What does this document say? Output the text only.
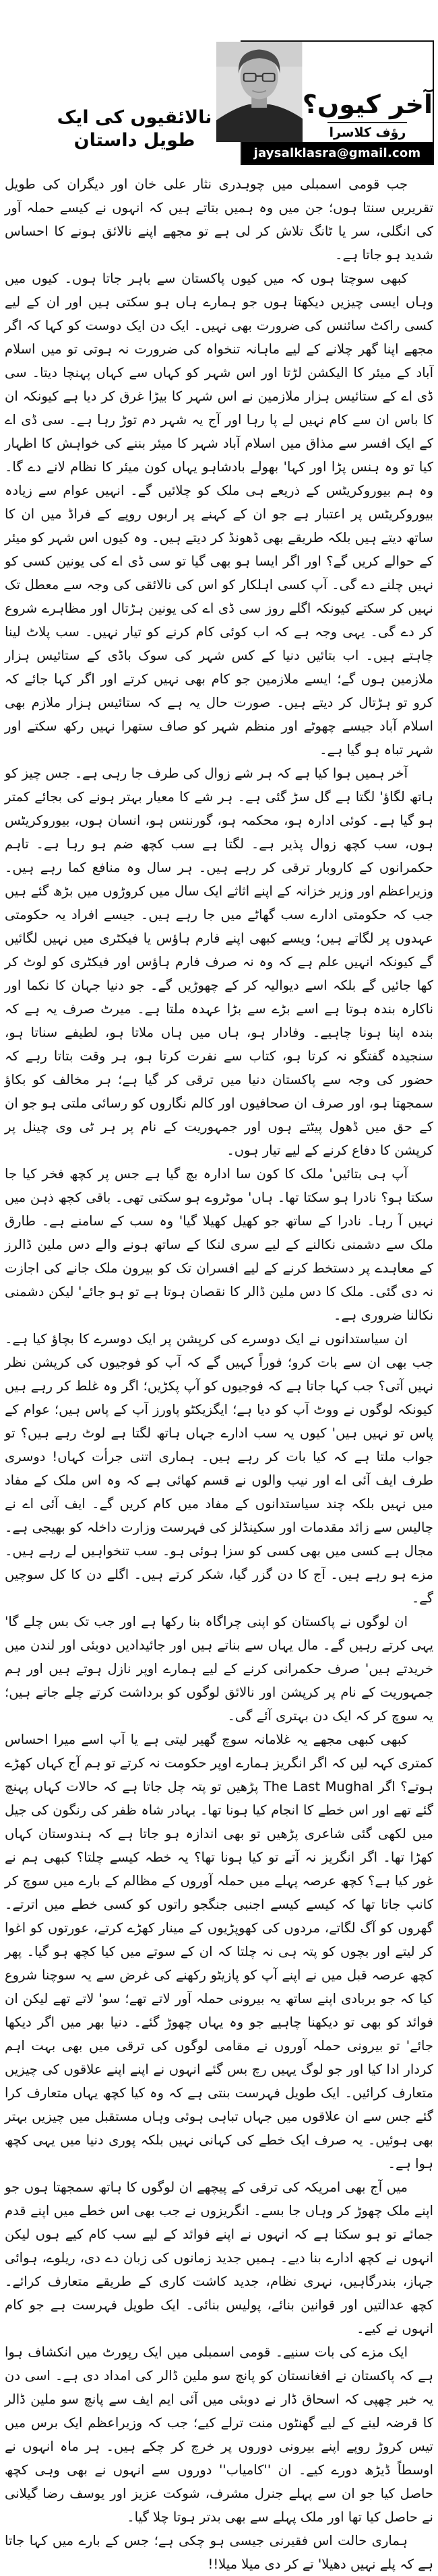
آخر کیوں؟
رؤف کلاسرا
jaysalklasra@gmail.com
نالائقیوں کی ایک طویل داستان

جب قومی اسمبلی میں چوہدری نثار علی خان اور دیگران کی طویل تقریریں سنتا ہوں؛ جن میں وہ ہمیں بتاتے ہیں کہ انہوں نے کیسے حملہ آور کی انگلی، سر یا ٹانگ تلاش کر لی ہے تو مجھے اپنے نالائق ہونے کا احساس شدید ہو جاتا ہے۔

کبھی سوچتا ہوں کہ میں کیوں پاکستان سے باہر جاتا ہوں۔ کیوں میں وہاں ایسی چیزیں دیکھتا ہوں جو ہمارے ہاں ہو سکتی ہیں اور ان کے لیے کسی راکٹ سائنس کی ضرورت بھی نہیں۔ ایک دن ایک دوست کو کہا کہ اگر مجھے اپنا گھر چلانے کے لیے ماہانہ تنخواہ کی ضرورت نہ ہوتی تو میں اسلام آباد کے میئر کا الیکشن لڑتا اور اس شہر کو کہاں سے کہاں پہنچا دیتا۔ سی ڈی اے کے ستائیس ہزار ملازمین نے اس شہر کا بیڑا غرق کر دیا ہے کیونکہ ان کا باس ان سے کام نہیں لے پا رہا اور آج یہ شہر دم توڑ رہا ہے۔ سی ڈی اے کے ایک افسر سے مذاق میں اسلام آباد شہر کا میئر بننے کی خواہش کا اظہار کیا تو وہ ہنس پڑا اور کہا' بھولے بادشاہو یہاں کون میئر کا نظام لانے دے گا۔ وہ ہم بیوروکریٹس کے ذریعے ہی ملک کو چلائیں گے۔ انہیں عوام سے زیادہ بیوروکریٹس پر اعتبار ہے جو ان کے کہنے پر اربوں روپے کے فراڈ میں ان کا ساتھ دیتے ہیں بلکہ طریقے بھی ڈھونڈ کر دیتے ہیں۔ وہ کیوں اس شہر کو میئر کے حوالے کریں گے؟ اور اگر ایسا ہو بھی گیا تو سی ڈی اے کی یونین کسی کو نہیں چلنے دے گی۔ آپ کسی اہلکار کو اس کی نالائقی کی وجہ سے معطل تک نہیں کر سکتے کیونکہ اگلے روز سی ڈی اے کی یونین ہڑتال اور مظاہرے شروع کر دے گی۔ یہی وجہ ہے کہ اب کوئی کام کرنے کو تیار نہیں۔ سب پلاٹ لینا چاہتے ہیں۔ اب بتائیں دنیا کے کس شہر کی سوک باڈی کے ستائیس ہزار ملازمین ہوں گے؛ ایسے ملازمین جو کام بھی نہیں کرتے اور اگر کہا جائے کہ کرو تو ہڑتال کر دیتے ہیں۔ صورت حال یہ ہے کہ ستائیس ہزار ملازم بھی اسلام آباد جیسے چھوٹے اور منظم شہر کو صاف ستھرا نہیں رکھ سکتے اور شہر تباہ ہو گیا ہے۔

آخر ہمیں ہوا کیا ہے کہ ہر شے زوال کی طرف جا رہی ہے۔ جس چیز کو ہاتھ لگاؤ' لگتا ہے گل سڑ گئی ہے۔ ہر شے کا معیار بہتر ہونے کی بجائے کمتر ہو گیا ہے۔ کوئی ادارہ ہو، محکمہ ہو، گورننس ہو، انسان ہوں، بیوروکریٹس ہوں، سب کچھ زوال پذیر ہے۔ لگتا ہے سب کچھ ضم ہو رہا ہے۔ تاہم حکمرانوں کے کاروبار ترقی کر رہے ہیں۔ ہر سال وہ منافع کما رہے ہیں۔ وزیراعظم اور وزیر خزانہ کے اپنے اثاثے ایک سال میں کروڑوں میں بڑھ گئے ہیں جب کہ حکومتی ادارے سب گھاٹے میں جا رہے ہیں۔ جیسے افراد یہ حکومتی عہدوں پر لگاتے ہیں؛ ویسے کبھی اپنے فارم ہاؤس یا فیکٹری میں نہیں لگائیں گے کیونکہ انہیں علم ہے کہ وہ نہ صرف فارم ہاؤس اور فیکٹری کو لوٹ کر کھا جائیں گے بلکہ اسے دیوالیہ کر کے چھوڑیں گے۔ جو دنیا جہان کا نکما اور ناکارہ بندہ ہوتا ہے اسے بڑے سے بڑا عہدہ ملتا ہے۔ میرٹ صرف یہ ہے کہ بندہ اپنا ہونا چاہیے۔ وفادار ہو، ہاں میں ہاں ملاتا ہو، لطیفے سناتا ہو، سنجیدہ گفتگو نہ کرتا ہو، کتاب سے نفرت کرتا ہو، ہر وقت بتاتا رہے کہ حضور کی وجہ سے پاکستان دنیا میں ترقی کر گیا ہے؛ ہر مخالف کو بکاؤ سمجھتا ہو، اور صرف ان صحافیوں اور کالم نگاروں کو رسائی ملتی ہو جو ان کے حق میں ڈھول پیٹتے ہوں اور جمہوریت کے نام پر ہر ٹی وی چینل پر کرپشن کا دفاع کرنے کے لیے تیار ہوں۔

آپ ہی بتائیں' ملک کا کون سا ادارہ بچ گیا ہے جس پر کچھ فخر کیا جا سکتا ہو؟ نادرا ہو سکتا تھا۔ ہاں' موٹروے ہو سکتی تھی۔ باقی کچھ ذہن میں نہیں آ رہا۔ نادرا کے ساتھ جو کھیل کھیلا گیا' وہ سب کے سامنے ہے۔ طارق ملک سے دشمنی نکالنے کے لیے سری لنکا کے ساتھ ہونے والے دس ملین ڈالرز کے معاہدے پر دستخط کرنے کے لیے افسران تک کو بیرون ملک جانے کی اجازت نہ دی گئی۔ ملک کا دس ملین ڈالر کا نقصان ہوتا ہے تو ہو جائے' لیکن دشمنی نکالنا ضروری ہے۔

ان سیاستدانوں نے ایک دوسرے کی کرپشن پر ایک دوسرے کا بچاؤ کیا ہے۔ جب بھی ان سے بات کرو؛ فوراً کہیں گے کہ آپ کو فوجیوں کی کرپشن نظر نہیں آتی؟ جب کہا جاتا ہے کہ فوجیوں کو آپ پکڑیں؛ اگر وہ غلط کر رہے ہیں کیونکہ لوگوں نے ووٹ آپ کو دیا ہے؛ ایگزیکٹو پاورز آپ کے پاس ہیں؛ عوام کے پاس تو نہیں ہیں' کیوں یہ سب ادارے جہاں ہاتھ لگتا ہے لوٹ رہے ہیں؟ تو جواب ملتا ہے کہ کیا بات کر رہے ہیں۔ ہماری اتنی جرأت کہاں! دوسری طرف ایف آئی اے اور نیب والوں نے قسم کھائی ہے کہ وہ اس ملک کے مفاد میں نہیں بلکہ چند سیاستدانوں کے مفاد میں کام کریں گے۔ ایف آئی اے نے چالیس سے زائد مقدمات اور سکینڈلز کی فہرست وزارت داخلہ کو بھیجی ہے۔ مجال ہے کسی میں بھی کسی کو سزا ہوئی ہو۔ سب تنخواہیں لے رہے ہیں۔ مزے ہو رہے ہیں۔ آج کا دن گزر گیا، شکر کرتے ہیں۔ اگلے دن کا کل سوچیں گے۔

ان لوگوں نے پاکستان کو اپنی چراگاہ بنا رکھا ہے اور جب تک بس چلے گا' یہی کرتے رہیں گے۔ مال یہاں سے بناتے ہیں اور جائیدادیں دوبئی اور لندن میں خریدتے ہیں' صرف حکمرانی کرنے کے لیے ہمارے اوپر نازل ہوتے ہیں اور ہم جمہوریت کے نام پر کرپشن اور نالائق لوگوں کو برداشت کرتے چلے جاتے ہیں؛ یہ سوچ کر کہ ایک دن بہتری آئے گی۔

کبھی کبھی مجھے یہ غلامانہ سوچ گھیر لیتی ہے یا آپ اسے میرا احساس کمتری کہہ لیں کہ اگر انگریز ہمارے اوپر حکومت نہ کرتے تو ہم آج کہاں کھڑے ہوتے؟ اگر The Last Mughal پڑھیں تو پتہ چل جاتا ہے کہ حالات کہاں پہنچ گئے تھے اور اس خطے کا انجام کیا ہونا تھا۔ بہادر شاہ ظفر کی رنگون کی جیل میں لکھی گئی شاعری پڑھیں تو بھی اندازہ ہو جاتا ہے کہ ہندوستان کہاں کھڑا تھا۔ اگر انگریز نہ آتے تو کیا ہونا تھا؟ یہ خطہ کیسے چلتا؟ کبھی ہم نے غور کیا ہے؟ کچھ عرصہ پہلے میں حملہ آوروں کے مظالم کے بارے میں سوچ کر کانپ جاتا تھا کہ کیسے کیسے اجنبی جنگجو راتوں کو کسی خطے میں اترتے۔ گھروں کو آگ لگاتے، مردوں کی کھوپڑیوں کے مینار کھڑے کرتے، عورتوں کو اغوا کر لیتے اور بچوں کو پتہ ہی نہ چلتا کہ ان کے سوتے میں کیا کچھ ہو گیا۔ پھر کچھ عرصہ قبل میں نے اپنے آپ کو پازیٹو رکھنے کی غرض سے یہ سوچنا شروع کیا کہ جو بربادی اپنے ساتھ یہ بیرونی حملہ آور لاتے تھے؛ سو' لاتے تھے لیکن ان فوائد کو بھی تو دیکھنا چاہیے جو وہ یہاں چھوڑ گئے۔ دنیا بھر میں اگر دیکھا جائے' تو بیرونی حملہ آوروں نے مقامی لوگوں کی ترقی میں بھی بہت اہم کردار ادا کیا اور جو لوگ یہیں رچ بس گئے انہوں نے اپنے اپنے علاقوں کی چیزیں متعارف کرائیں۔ ایک طویل فہرست بنتی ہے کہ وہ کیا کچھ یہاں متعارف کرا گئے جس سے ان علاقوں میں جہاں تباہی ہوئی وہاں مستقبل میں چیزیں بہتر بھی ہوئیں۔ یہ صرف ایک خطے کی کہانی نہیں بلکہ پوری دنیا میں یہی کچھ ہوا ہے۔

میں آج بھی امریکہ کی ترقی کے پیچھے ان لوگوں کا ہاتھ سمجھتا ہوں جو اپنے ملک چھوڑ کر وہاں جا بسے۔ انگریزوں نے جب بھی اس خطے میں اپنے قدم جمائے تو ہو سکتا ہے کہ انہوں نے اپنے فوائد کے لیے سب کام کیے ہوں لیکن انہوں نے کچھ ادارے بنا دیے۔ ہمیں جدید زمانوں کی زبان دے دی، ریلوے، ہوائی جہاز، بندرگاہیں، نہری نظام، جدید کاشت کاری کے طریقے متعارف کرائے۔ کچھ عدالتیں اور قوانین بنائے، پولیس بنائی۔ ایک طویل فہرست ہے جو کام انہوں نے کیے۔

ایک مزے کی بات سنیے۔ قومی اسمبلی میں ایک رپورٹ میں انکشاف ہوا ہے کہ پاکستان نے افغانستان کو پانچ سو ملین ڈالر کی امداد دی ہے۔ اسی دن یہ خبر چھپی کہ اسحاق ڈار نے دوبئی میں آئی ایم ایف سے پانچ سو ملین ڈالر کا قرضہ لینے کے لیے گھنٹوں منت ترلے کیے؛ جب کہ وزیراعظم ایک برس میں تیس کروڑ روپے اپنے بیرونی دوروں پر خرچ کر چکے ہیں۔ ہر ماہ انہوں نے اوسطاً ڈیڑھ دورے کیے۔ ان ''کامیاب'' دوروں سے انہوں نے بھی وہی کچھ حاصل کیا جو ان سے پہلے جنرل مشرف، شوکت عزیز اور یوسف رضا گیلانی نے حاصل کیا تھا اور ملک پہلے سے بھی بدتر ہوتا چلا گیا۔

ہماری حالت اس فقیرنی جیسی ہو چکی ہے؛ جس کے بارے میں کہا جاتا ہے کہ پلے نہیں دھیلا' تے کر دی میلا میلا!!
